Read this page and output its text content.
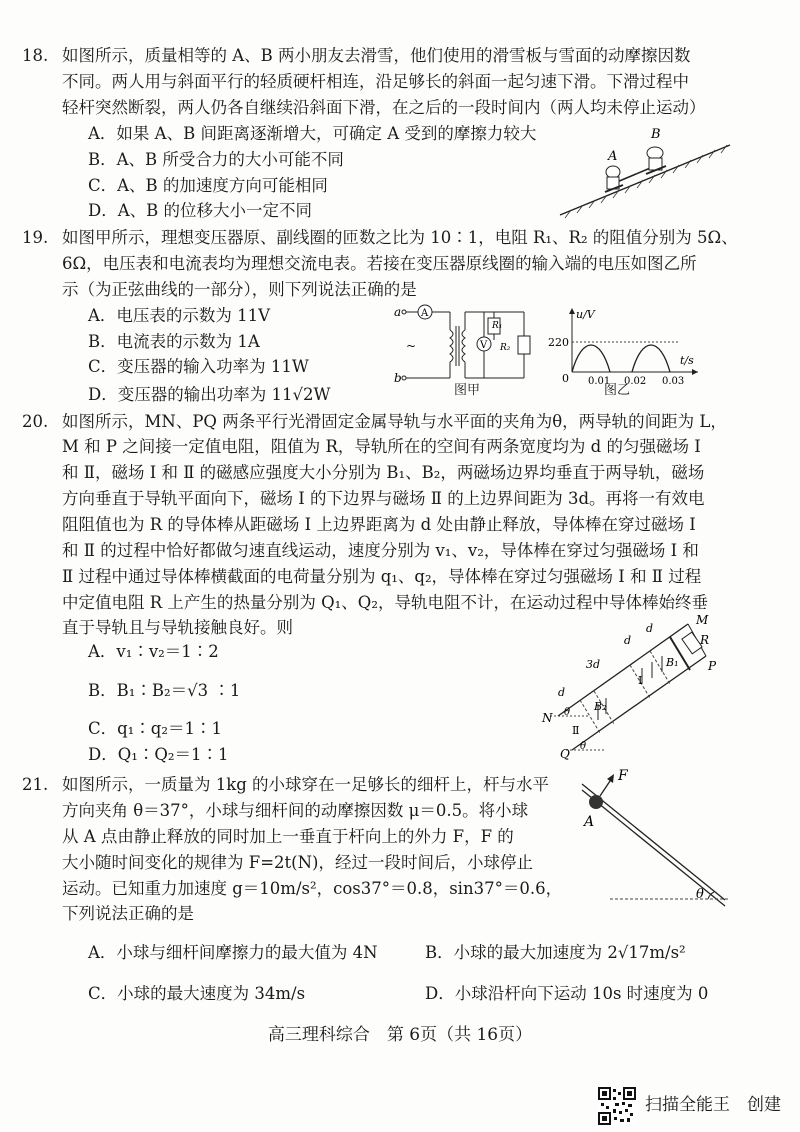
18. 如图所示，质量相等的 A、B 两小朋友去滑雪，他们使用的滑雪板与雪面的动摩擦因数
不同。两人用与斜面平行的轻质硬杆相连，沿足够长的斜面一起匀速下滑。下滑过程中
轻杆突然断裂，两人仍各自继续沿斜面下滑，在之后的一段时间内（两人均未停止运动）
A．如果 A、B 间距离逐渐增大，可确定 A 受到的摩擦力较大
B．A、B 所受合力的大小可能不同
C．A、B 的加速度方向可能相同
D．A、B 的位移大小一定不同
A
B
19. 如图甲所示，理想变压器原、副线圈的匝数之比为 10∶1，电阻 R₁、R₂ 的阻值分别为 5Ω、
6Ω，电压表和电流表均为理想交流电表。若接在变压器原线圈的输入端的电压如图乙所
示（为正弦曲线的一部分），则下列说法正确的是
A．电压表的示数为 11V
B．电流表的示数为 1A
C．变压器的输入功率为 11W
D．变压器的输出功率为 11√2W
a
b
A
~
R₁
V R₂
图甲
u/V
t/s
220
0 0.01 0.02 0.03
图乙
20. 如图所示，MN、PQ 两条平行光滑固定金属导轨与水平面的夹角为θ，两导轨的间距为 L，
M 和 P 之间接一定值电阻，阻值为 R，导轨所在的空间有两条宽度均为 d 的匀强磁场 Ⅰ
和 Ⅱ，磁场 Ⅰ 和 Ⅱ 的磁感应强度大小分别为 B₁、B₂，两磁场边界均垂直于两导轨，磁场
方向垂直于导轨平面向下，磁场 Ⅰ 的下边界与磁场 Ⅱ 的上边界间距为 3d。再将一有效电
阻阻值也为 R 的导体棒从距磁场 Ⅰ 上边界距离为 d 处由静止释放，导体棒在穿过磁场 Ⅰ
和 Ⅱ 的过程中恰好都做匀速直线运动，速度分别为 v₁、v₂，导体棒在穿过匀强磁场 Ⅰ 和
Ⅱ 过程中通过导体棒横截面的电荷量分别为 q₁、q₂，导体棒在穿过匀强磁场 Ⅰ 和 Ⅱ 过程
中定值电阻 R 上产生的热量分别为 Q₁、Q₂，导轨电阻不计，在运动过程中导体棒始终垂
直于导轨且与导轨接触良好。则
A．v₁∶v₂＝1∶2
B．B₁∶B₂＝√3 ∶1
C．q₁∶q₂＝1∶1
D．Q₁∶Q₂＝1∶1
M
R
P
N
Q
d
d
3d
d
B₁
B₂
Ⅰ
Ⅱ
θ
θ
21. 如图所示，一质量为 1kg 的小球穿在一足够长的细杆上，杆与水平
方向夹角 θ＝37°，小球与细杆间的动摩擦因数 μ＝0.5。将小球
从 A 点由静止释放的同时加上一垂直于杆向上的外力 F，F 的
大小随时间变化的规律为 F=2t(N)，经过一段时间后，小球停止
运动。已知重力加速度 g＝10m/s²，cos37°＝0.8，sin37°＝0.6，
下列说法正确的是
A．小球与细杆间摩擦力的最大值为 4N	B．小球的最大加速度为 2√17m/s²
C．小球的最大速度为 34m/s	D．小球沿杆向下运动 10s 时速度为 0
F
A
θ
高三理科综合　第 6页（共 16页）
扫描全能王　创建
